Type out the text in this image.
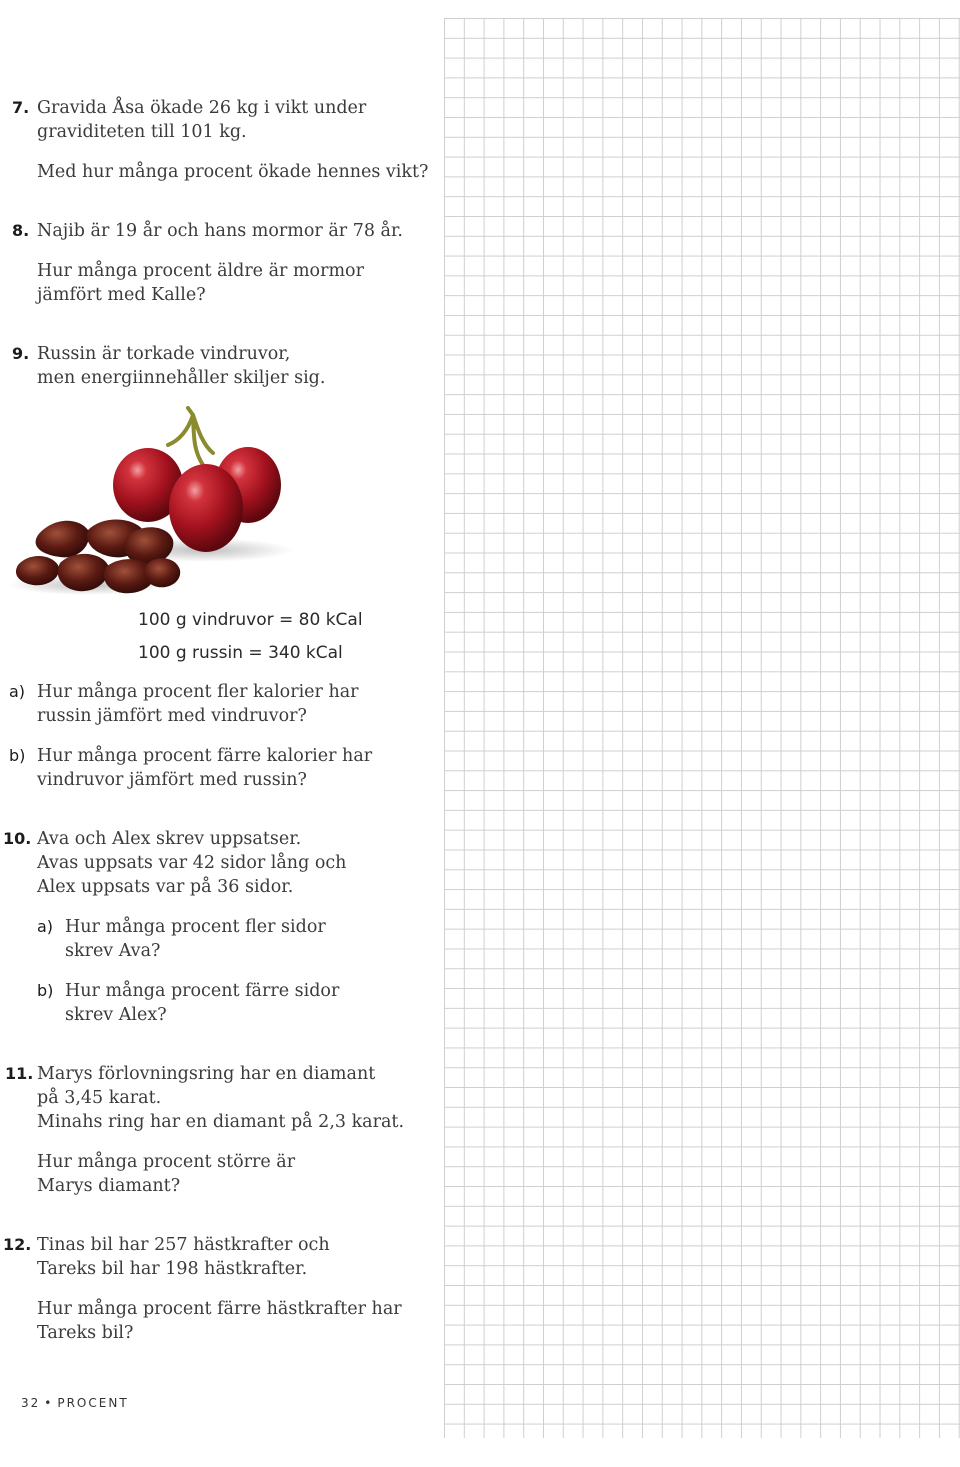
7. Gravida Åsa ökade 26 kg i vikt under
graviditeten till 101 kg.
Med hur många procent ökade hennes vikt?
8. Najib är 19 år och hans mormor är 78 år.
Hur många procent äldre är mormor
jämfört med Kalle?
9. Russin är torkade vindruvor,
men energiinnehåller skiljer sig.
100 g vindruvor = 80 kCal
100 g russin = 340 kCal
a) Hur många procent fler kalorier har
russin jämfört med vindruvor?
b) Hur många procent färre kalorier har
vindruvor jämfört med russin?
10. Ava och Alex skrev uppsatser.
Avas uppsats var 42 sidor lång och
Alex uppsats var på 36 sidor.
a) Hur många procent fler sidor
skrev Ava?
b) Hur många procent färre sidor
skrev Alex?
11. Marys förlovningsring har en diamant
på 3,45 karat.
Minahs ring har en diamant på 2,3 karat.
Hur många procent större är
Marys diamant?
12. Tinas bil har 257 hästkrafter och
Tareks bil har 198 hästkrafter.
Hur många procent färre hästkrafter har
Tareks bil?
32 • PROCENT
